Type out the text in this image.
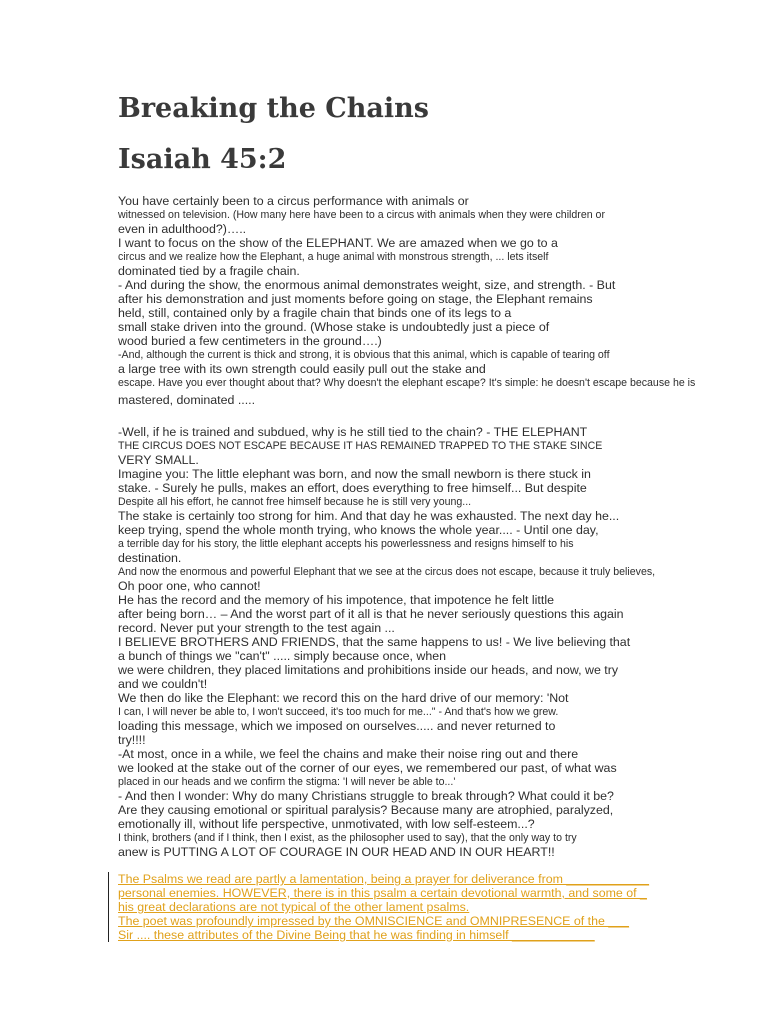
Breaking the Chains
Isaiah 45:2
You have certainly been to a circus performance with animals or
witnessed on television. (How many here have been to a circus with animals when they were children or
even in adulthood?)…..
I want to focus on the show of the ELEPHANT. We are amazed when we go to a
circus and we realize how the Elephant, a huge animal with monstrous strength, ... lets itself
dominated tied by a fragile chain.
- And during the show, the enormous animal demonstrates weight, size, and strength. - But
after his demonstration and just moments before going on stage, the Elephant remains
held, still, contained only by a fragile chain that binds one of its legs to a
small stake driven into the ground. (Whose stake is undoubtedly just a piece of
wood buried a few centimeters in the ground….)
-And, although the current is thick and strong, it is obvious that this animal, which is capable of tearing off
a large tree with its own strength could easily pull out the stake and
escape. Have you ever thought about that? Why doesn't the elephant escape? It's simple: he doesn't escape because he is
mastered, dominated .....
-Well, if he is trained and subdued, why is he still tied to the chain? - THE ELEPHANT
THE CIRCUS DOES NOT ESCAPE BECAUSE IT HAS REMAINED TRAPPED TO THE STAKE SINCE
VERY SMALL.
Imagine you: The little elephant was born, and now the small newborn is there stuck in
stake. - Surely he pulls, makes an effort, does everything to free himself... But despite
Despite all his effort, he cannot free himself because he is still very young...
The stake is certainly too strong for him. And that day he was exhausted. The next day he...
keep trying, spend the whole month trying, who knows the whole year.... - Until one day,
a terrible day for his story, the little elephant accepts his powerlessness and resigns himself to his
destination.
And now the enormous and powerful Elephant that we see at the circus does not escape, because it truly believes,
Oh poor one, who cannot!
He has the record and the memory of his impotence, that impotence he felt little
after being born… – And the worst part of it all is that he never seriously questions this again
record. Never put your strength to the test again ...
I BELIEVE BROTHERS AND FRIENDS, that the same happens to us! - We live believing that
a bunch of things we "can't" ..... simply because once, when
we were children, they placed limitations and prohibitions inside our heads, and now, we try
and we couldn't!
We then do like the Elephant: we record this on the hard drive of our memory: 'Not
I can, I will never be able to, I won't succeed, it's too much for me..." - And that's how we grew.
loading this message, which we imposed on ourselves..... and never returned to
try!!!!
-At most, once in a while, we feel the chains and make their noise ring out and there
we looked at the stake out of the corner of our eyes, we remembered our past, of what was
placed in our heads and we confirm the stigma: 'I will never be able to...'
- And then I wonder: Why do many Christians struggle to break through? What could it be?
Are they causing emotional or spiritual paralysis? Because many are atrophied, paralyzed,
emotionally ill, without life perspective, unmotivated, with low self-esteem...?
I think, brothers (and if I think, then I exist, as the philosopher used to say), that the only way to try
anew is PUTTING A LOT OF COURAGE IN OUR HEAD AND IN OUR HEART!!
The Psalms we read are partly a lamentation, being a prayer for deliverance from ____________
personal enemies. HOWEVER, there is in this psalm a certain devotional warmth, and some of _
his great declarations are not typical of the other lament psalms.
The poet was profoundly impressed by the OMNISCIENCE and OMNIPRESENCE of the ___
Sir .... these attributes of the Divine Being that he was finding in himself ____________
